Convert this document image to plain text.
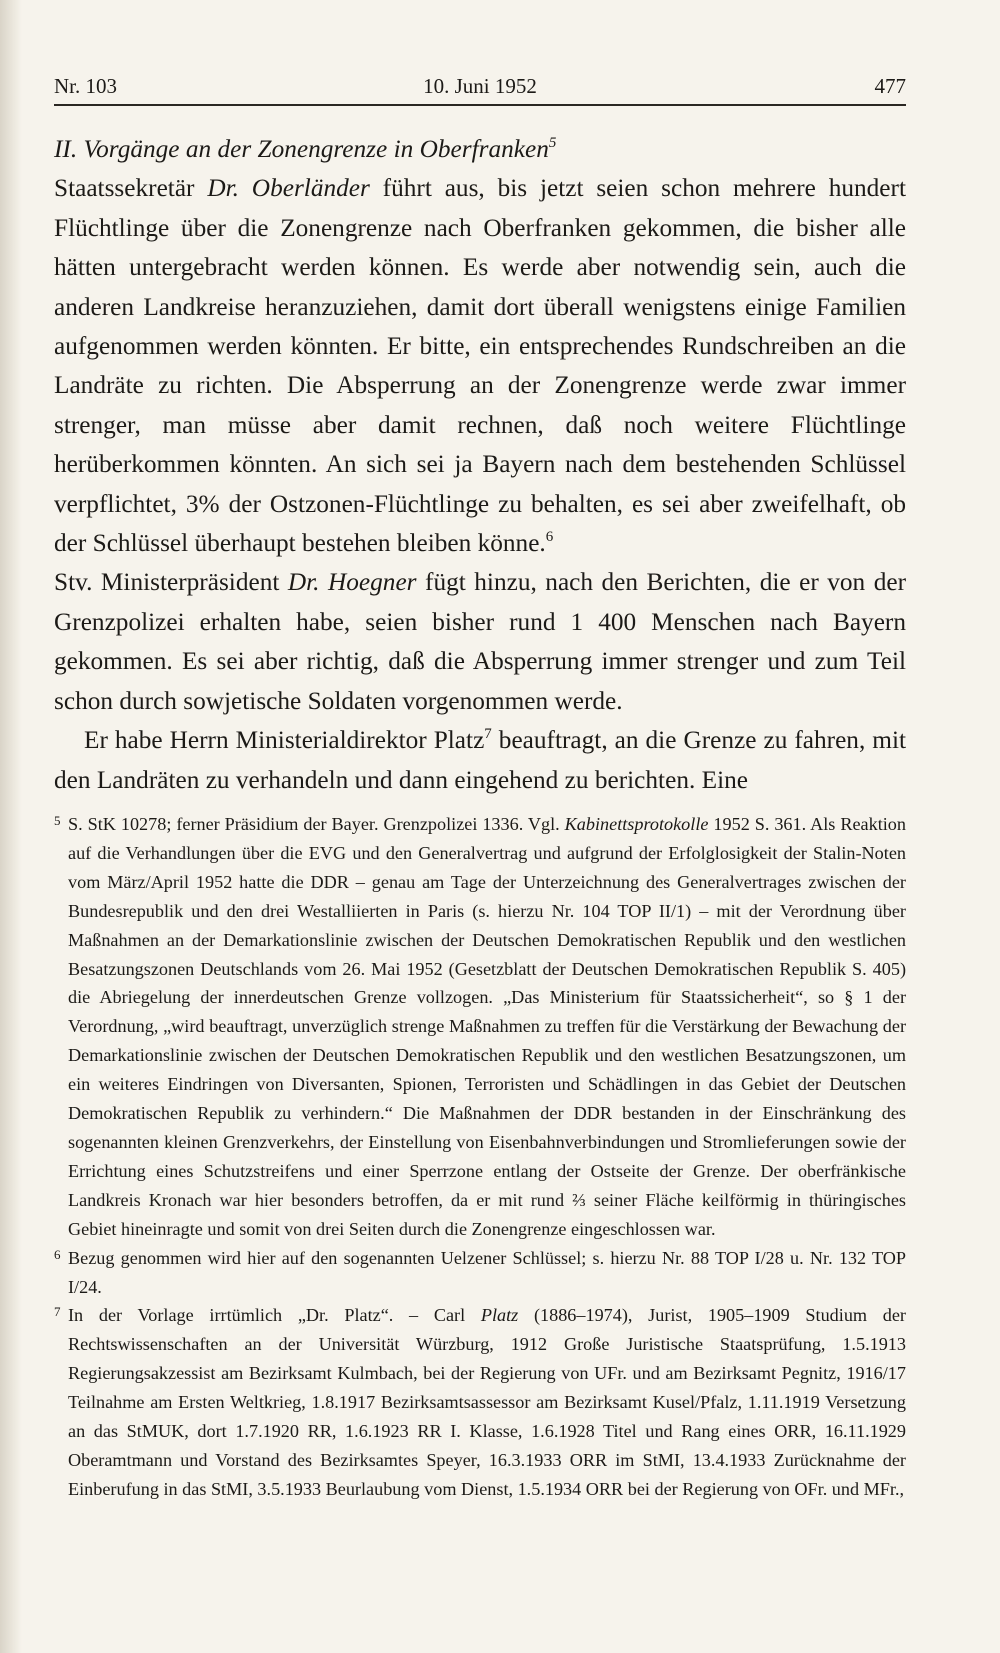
Nr. 103	10. Juni 1952	477

II. Vorgänge an der Zonengrenze in Oberfranken$^5$

Staatssekretär Dr. Oberländer führt aus, bis jetzt seien schon mehrere hundert Flüchtlinge über die Zonengrenze nach Oberfranken gekommen, die bisher alle hätten untergebracht werden können. Es werde aber notwendig sein, auch die anderen Landkreise heranzuziehen, damit dort überall wenigstens einige Familien aufgenommen werden könnten. Er bitte, ein entsprechendes Rundschreiben an die Landräte zu richten. Die Absperrung an der Zonengrenze werde zwar immer strenger, man müsse aber damit rechnen, daß noch weitere Flüchtlinge herüberkommen könnten. An sich sei ja Bayern nach dem bestehenden Schlüssel verpflichtet, 3% der Ostzonen-Flüchtlinge zu behalten, es sei aber zweifelhaft, ob der Schlüssel überhaupt bestehen bleiben könne.$^6$

Stv. Ministerpräsident Dr. Hoegner fügt hinzu, nach den Berichten, die er von der Grenzpolizei erhalten habe, seien bisher rund 1 400 Menschen nach Bayern gekommen. Es sei aber richtig, daß die Absperrung immer strenger und zum Teil schon durch sowjetische Soldaten vorgenommen werde.

Er habe Herrn Ministerialdirektor Platz$^7$ beauftragt, an die Grenze zu fahren, mit den Landräten zu verhandeln und dann eingehend zu berichten. Eine

5 S. StK 10278; ferner Präsidium der Bayer. Grenzpolizei 1336. Vgl. Kabinettsprotokolle 1952 S. 361. Als Reaktion auf die Verhandlungen über die EVG und den Generalvertrag und aufgrund der Erfolglosigkeit der Stalin-Noten vom März/April 1952 hatte die DDR – genau am Tage der Unterzeichnung des Generalvertrages zwischen der Bundesrepublik und den drei Westalliierten in Paris (s. hierzu Nr. 104 TOP II/1) – mit der Verordnung über Maßnahmen an der Demarkationslinie zwischen der Deutschen Demokratischen Republik und den westlichen Besatzungszonen Deutschlands vom 26. Mai 1952 (Gesetzblatt der Deutschen Demokratischen Republik S. 405) die Abriegelung der innerdeutschen Grenze vollzogen. „Das Ministerium für Staatssicherheit“, so § 1 der Verordnung, „wird beauftragt, unverzüglich strenge Maßnahmen zu treffen für die Verstärkung der Bewachung der Demarkationslinie zwischen der Deutschen Demokratischen Republik und den westlichen Besatzungszonen, um ein weiteres Eindringen von Diversanten, Spionen, Terroristen und Schädlingen in das Gebiet der Deutschen Demokratischen Republik zu verhindern.“ Die Maßnahmen der DDR bestanden in der Einschränkung des sogenannten kleinen Grenzverkehrs, der Einstellung von Eisenbahnverbindungen und Stromlieferungen sowie der Errichtung eines Schutzstreifens und einer Sperrzone entlang der Ostseite der Grenze. Der oberfränkische Landkreis Kronach war hier besonders betroffen, da er mit rund ⅔ seiner Fläche keilförmig in thüringisches Gebiet hineinragte und somit von drei Seiten durch die Zonengrenze eingeschlossen war.
6 Bezug genommen wird hier auf den sogenannten Uelzener Schlüssel; s. hierzu Nr. 88 TOP I/28 u. Nr. 132 TOP I/24.
7 In der Vorlage irrtümlich „Dr. Platz“. – Carl Platz (1886–1974), Jurist, 1905–1909 Studium der Rechtswissenschaften an der Universität Würzburg, 1912 Große Juristische Staatsprüfung, 1.5.1913 Regierungsakzessist am Bezirksamt Kulmbach, bei der Regierung von UFr. und am Bezirksamt Pegnitz, 1916/17 Teilnahme am Ersten Weltkrieg, 1.8.1917 Bezirksamtsassessor am Bezirksamt Kusel/Pfalz, 1.11.1919 Versetzung an das StMUK, dort 1.7.1920 RR, 1.6.1923 RR I. Klasse, 1.6.1928 Titel und Rang eines ORR, 16.11.1929 Oberamtmann und Vorstand des Bezirksamtes Speyer, 16.3.1933 ORR im StMI, 13.4.1933 Zurücknahme der Einberufung in das StMI, 3.5.1933 Beurlaubung vom Dienst, 1.5.1934 ORR bei der Regierung von OFr. und MFr.,
